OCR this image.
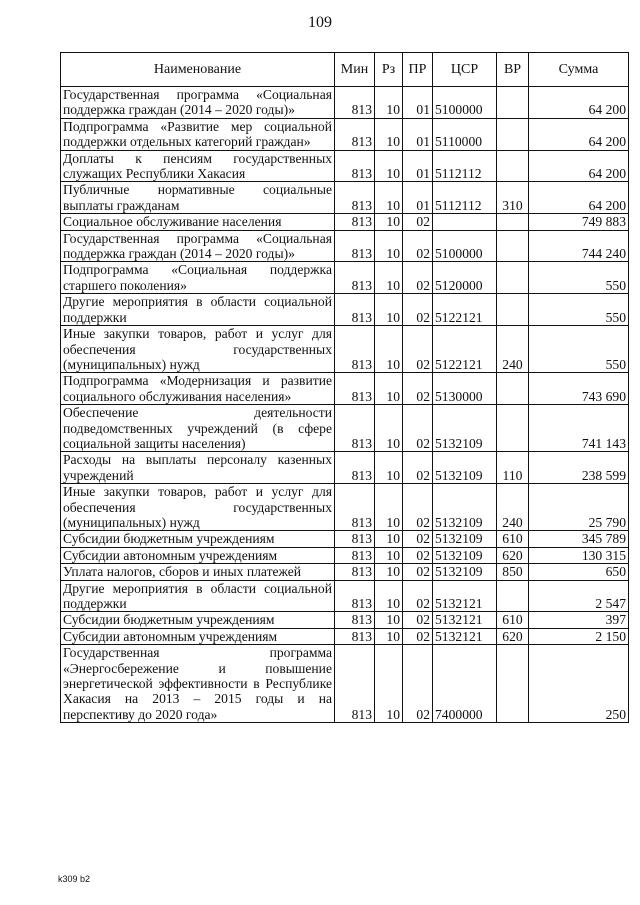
109
Наименование	Мин	Рз	ПР	ЦСР	ВР	Сумма
Государственная программа «Социальная поддержка граждан (2014 – 2020 годы)»	813	10	01	5100000		64 200
Подпрограмма «Развитие мер социальной поддержки отдельных категорий граждан»	813	10	01	5110000		64 200
Доплаты к пенсиям государственных служащих Республики Хакасия	813	10	01	5112112		64 200
Публичные нормативные социальные выплаты гражданам	813	10	01	5112112	310	64 200
Социальное обслуживание населения	813	10	02			749 883
Государственная программа «Социальная поддержка граждан (2014 – 2020 годы)»	813	10	02	5100000		744 240
Подпрограмма «Социальная поддержка старшего поколения»	813	10	02	5120000		550
Другие мероприятия в области социальной поддержки	813	10	02	5122121		550
Иные закупки товаров, работ и услуг для обеспечения государственных (муниципальных) нужд	813	10	02	5122121	240	550
Подпрограмма «Модернизация и развитие социального обслуживания населения»	813	10	02	5130000		743 690
Обеспечение деятельности подведомственных учреждений (в сфере социальной защиты населения)	813	10	02	5132109		741 143
Расходы на выплаты персоналу казенных учреждений	813	10	02	5132109	110	238 599
Иные закупки товаров, работ и услуг для обеспечения государственных (муниципальных) нужд	813	10	02	5132109	240	25 790
Субсидии бюджетным учреждениям	813	10	02	5132109	610	345 789
Субсидии автономным учреждениям	813	10	02	5132109	620	130 315
Уплата налогов, сборов и иных платежей	813	10	02	5132109	850	650
Другие мероприятия в области социальной поддержки	813	10	02	5132121		2 547
Субсидии бюджетным учреждениям	813	10	02	5132121	610	397
Субсидии автономным учреждениям	813	10	02	5132121	620	2 150
Государственная программа «Энергосбережение и повышение энергетической эффективности в Республике Хакасия на 2013 – 2015 годы и на перспективу до 2020 года»	813	10	02	7400000		250
k309 b2
